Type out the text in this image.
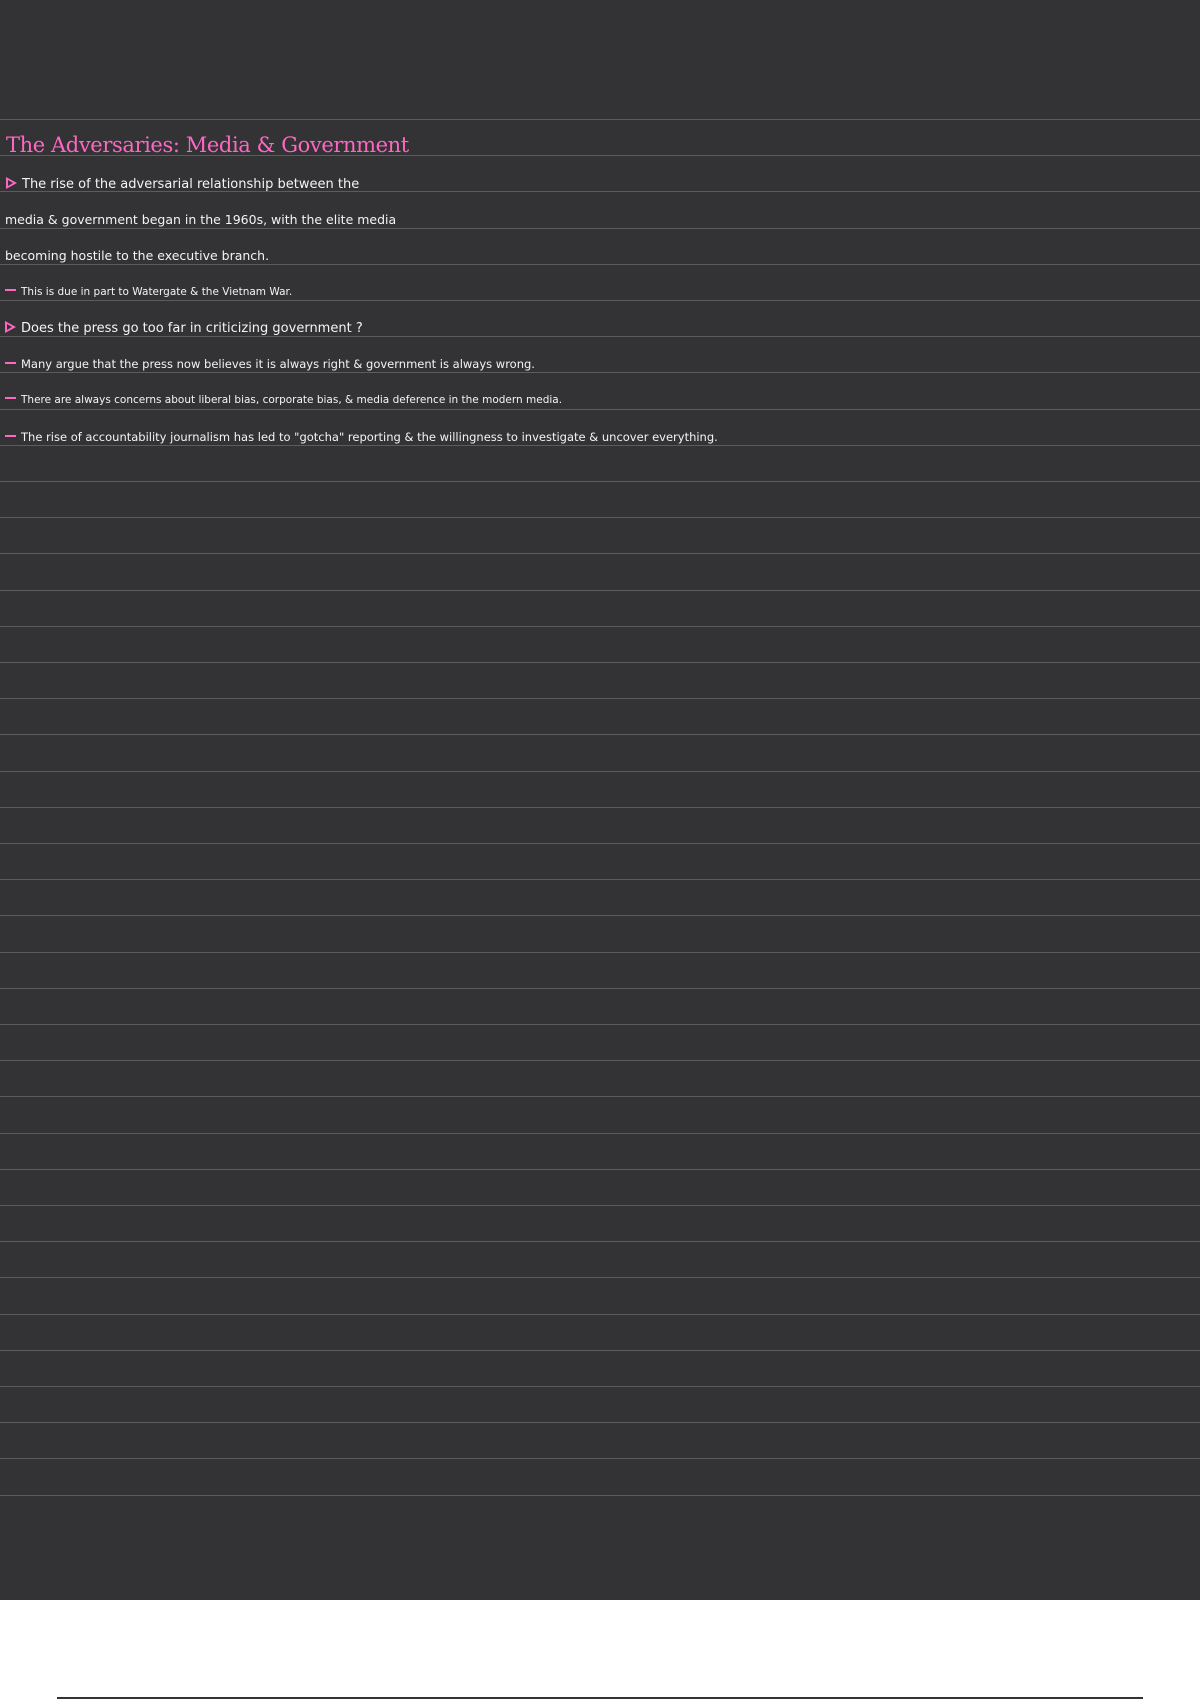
The Adversaries: Media & Government
The rise of the adversarial relationship between the
media & government began in the 1960s, with the elite media
becoming hostile to the executive branch.
This is due in part to Watergate & the Vietnam War.
Does the press go too far in criticizing government ?
Many argue that the press now believes it is always right & government is always wrong.
There are always concerns about liberal bias, corporate bias, & media deference in the modern media.
The rise of accountability journalism has led to "gotcha" reporting & the willingness to investigate & uncover everything.
